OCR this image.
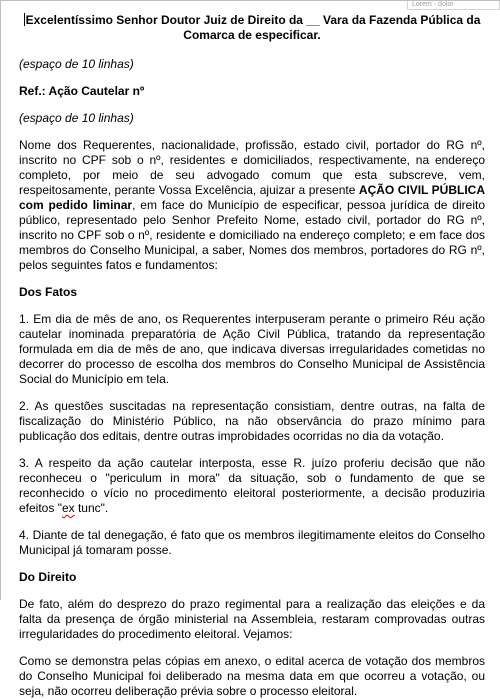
Lorem · dolor

Excelentíssimo Senhor Doutor Juiz de Direito da __ Vara da Fazenda Pública da Comarca de especificar.

(espaço de 10 linhas)

Ref.: Ação Cautelar nº

(espaço de 10 linhas)

Nome dos Requerentes, nacionalidade, profissão, estado civil, portador do RG nº, inscrito no CPF sob o nº, residentes e domiciliados, respectivamente, na endereço completo, por meio de seu advogado comum que esta subscreve, vem, respeitosamente, perante Vossa Excelência, ajuizar a presente AÇÃO CIVIL PÚBLICA com pedido liminar, em face do Município de especificar, pessoa jurídica de direito público, representado pelo Senhor Prefeito Nome, estado civil, portador do RG nº, inscrito no CPF sob o nº, residente e domiciliado na endereço completo; e em face dos membros do Conselho Municipal, a saber, Nomes dos membros, portadores do RG nº, pelos seguintes fatos e fundamentos:

Dos Fatos

1. Em dia de mês de ano, os Requerentes interpuseram perante o primeiro Réu ação cautelar inominada preparatória de Ação Civil Pública, tratando da representação formulada em dia de mês de ano, que indicava diversas irregularidades cometidas no decorrer do processo de escolha dos membros do Conselho Municipal de Assistência Social do Município em tela.

2. As questões suscitadas na representação consistiam, dentre outras, na falta de fiscalização do Ministério Público, na não observância do prazo mínimo para publicação dos editais, dentre outras improbidades ocorridas no dia da votação.

3. A respeito da ação cautelar interposta, esse R. juízo proferiu decisão que não reconheceu o "periculum in mora" da situação, sob o fundamento de que se reconhecido o vício no procedimento eleitoral posteriormente, a decisão produziria efeitos "ex tunc".

4. Diante de tal denegação, é fato que os membros ilegitimamente eleitos do Conselho Municipal já tomaram posse.

Do Direito

De fato, além do desprezo do prazo regimental para a realização das eleições e da falta da presença de órgão ministerial na Assembleia, restaram comprovadas outras irregularidades do procedimento eleitoral. Vejamos:

Como se demonstra pelas cópias em anexo, o edital acerca de votação dos membros do Conselho Municipal foi deliberado na mesma data em que ocorreu a votação, ou seja, não ocorreu deliberação prévia sobre o processo eleitoral.
